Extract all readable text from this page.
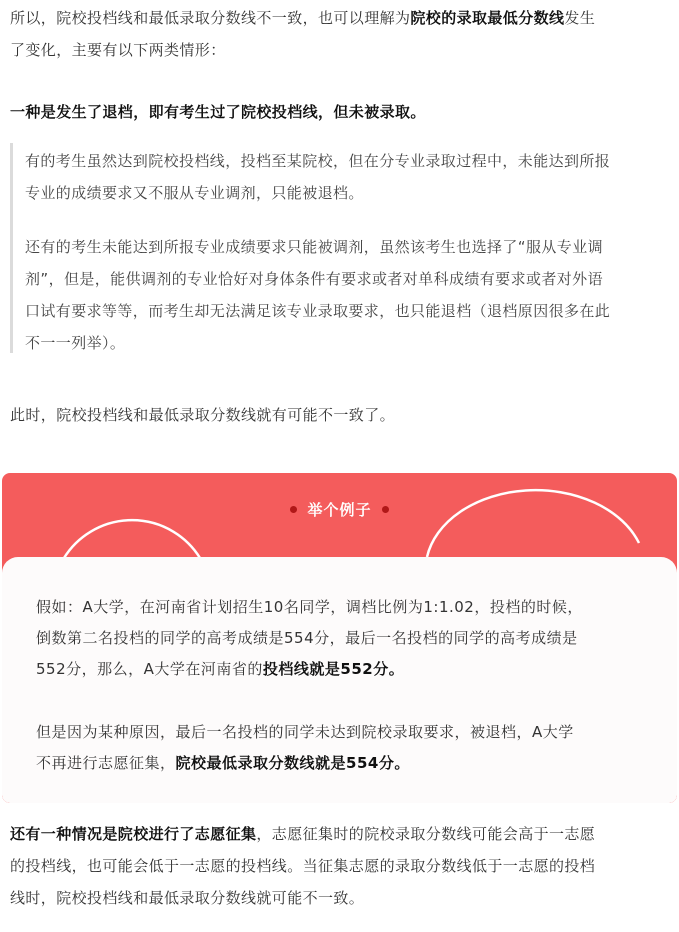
所以，院校投档线和最低录取分数线不一致，也可以理解为院校的录取最低分数线发生
了变化，主要有以下两类情形：
一种是发生了退档，即有考生过了院校投档线，但未被录取。
有的考生虽然达到院校投档线，投档至某院校，但在分专业录取过程中，未能达到所报
专业的成绩要求又不服从专业调剂，只能被退档。
还有的考生未能达到所报专业成绩要求只能被调剂，虽然该考生也选择了“服从专业调
剂”，但是，能供调剂的专业恰好对身体条件有要求或者对单科成绩有要求或者对外语
口试有要求等等，而考生却无法满足该专业录取要求，也只能退档（退档原因很多在此
不一一列举）。
此时，院校投档线和最低录取分数线就有可能不一致了。
举个例子
假如：A大学，在河南省计划招生10名同学，调档比例为1:1.02，投档的时候，
倒数第二名投档的同学的高考成绩是554分，最后一名投档的同学的高考成绩是
552分，那么，A大学在河南省的投档线就是552分。
但是因为某种原因，最后一名投档的同学未达到院校录取要求，被退档，A大学
不再进行志愿征集，院校最低录取分数线就是554分。
还有一种情况是院校进行了志愿征集，志愿征集时的院校录取分数线可能会高于一志愿
的投档线，也可能会低于一志愿的投档线。当征集志愿的录取分数线低于一志愿的投档
线时，院校投档线和最低录取分数线就可能不一致。
